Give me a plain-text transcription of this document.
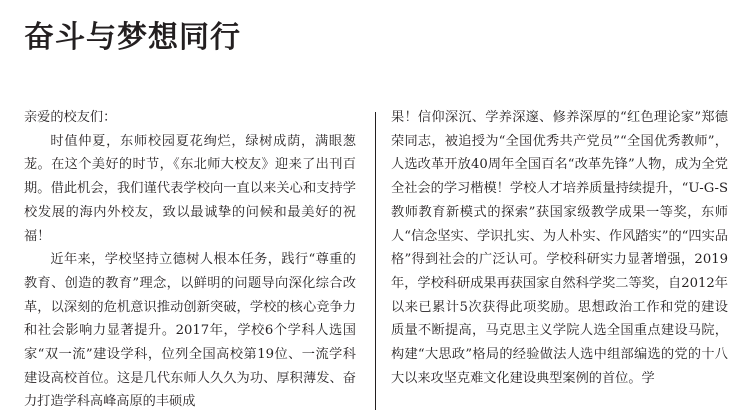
奋斗与梦想同行

亲爱的校友们：

时值仲夏，东师校园夏花绚烂，绿树成荫，满眼葱茏。在这个美好的时节，《东北师大校友》迎来了出刊百期。借此机会，我们谨代表学校向一直以来关心和支持学校发展的海内外校友，致以最诚挚的问候和最美好的祝福！

近年来，学校坚持立德树人根本任务，践行“尊重的教育、创造的教育”理念，以鲜明的问题导向深化综合改革，以深刻的危机意识推动创新突破，学校的核心竞争力和社会影响力显著提升。2017年，学校6个学科人选国家“双一流”建设学科，位列全国高校第19位、一流学科建设高校首位。这是几代东师人久久为功、厚积薄发、奋力打造学科高峰高原的丰硕成

果！信仰深沉、学养深邃、修养深厚的“红色理论家”郑德荣同志，被追授为“全国优秀共产党员”“全国优秀教师”，人选改革开放40周年全国百名“改革先锋”人物，成为全党全社会的学习楷模！学校人才培养质量持续提升，“U-G-S教师教育新模式的探索”获国家级教学成果一等奖，东师人“信念坚实、学识扎实、为人朴实、作风踏实”的“四实品格”得到社会的广泛认可。学校科研实力显著增强，2019年，学校科研成果再获国家自然科学奖二等奖，自2012年以来已累计5次获得此项奖励。思想政治工作和党的建设质量不断提高，马克思主义学院人选全国重点建设马院，构建“大思政”格局的经验做法人选中组部编选的党的十八大以来攻坚克难文化建设典型案例的首位。学
